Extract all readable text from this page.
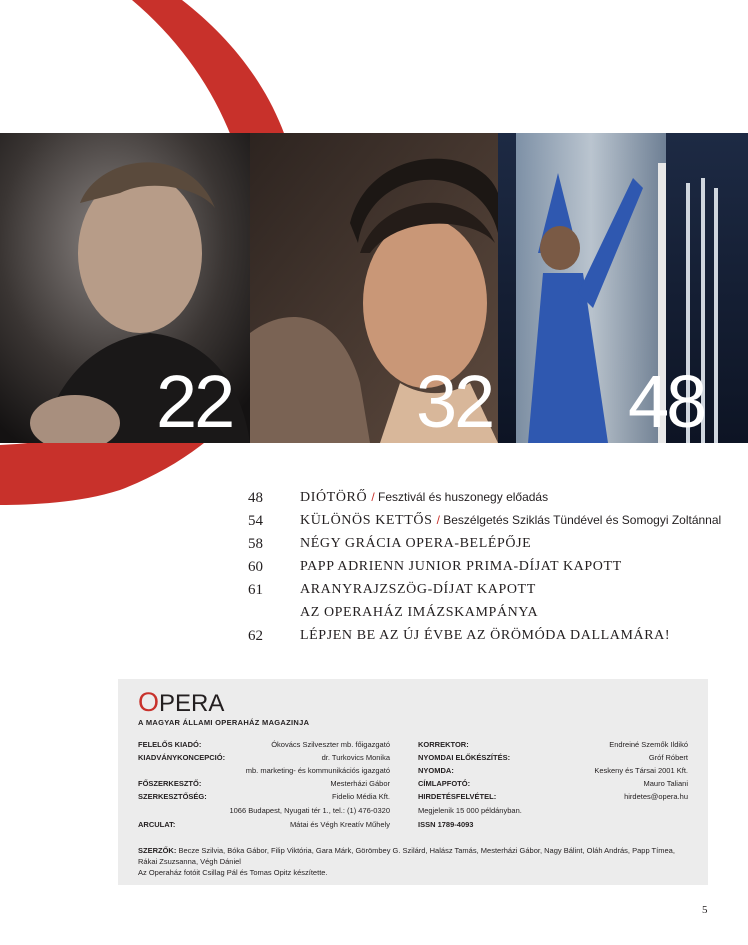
22 32 48
48	DIÓTÖRŐ / Fesztivál és huszonegy előadás
54	KÜLÖNÖS KETTŐS / Beszélgetés Sziklás Tündével és Somogyi Zoltánnal
58	NÉGY GRÁCIA OPERA-BELÉPŐJE
60	PAPP ADRIENN JUNIOR PRIMA-DÍJAT KAPOTT
61	ARANYRAJZSZÖG-DÍJAT KAPOTT
AZ OPERAHÁZ IMÁZSKAMPÁNYA
62	LÉPJEN BE AZ ÚJ ÉVBE AZ ÖRÖMÓDA DALLAMÁRA!
OPERA
A MAGYAR ÁLLAMI OPERAHÁZ MAGAZINJA
FELELŐS KIADÓ:	Ókovács Szilveszter mb. főigazgató
KIADVÁNYKONCEPCIÓ:	dr. Turkovics Monika
mb. marketing- és kommunikációs igazgató
FŐSZERKESZTŐ:	Mesterházi Gábor
SZERKESZTŐSÉG:	Fidelio Média Kft.
1066 Budapest, Nyugati tér 1., tel.: (1) 476-0320
ARCULAT:	Mátai és Végh Kreatív Műhely
KORREKTOR:	Endreiné Szemők Ildikó
NYOMDAI ELŐKÉSZÍTÉS:	Gróf Róbert
NYOMDA:	Keskeny és Társai 2001 Kft.
CÍMLAPFOTÓ:	Mauro Taliani
HIRDETÉSFELVÉTEL:	hirdetes@opera.hu
Megjelenik 15 000 példányban.
ISSN 1789-4093
SZERZŐK: Becze Szilvia, Bóka Gábor, Filip Viktória, Gara Márk, Görömbey G. Szilárd, Halász Tamás, Mesterházi Gábor, Nagy Bálint, Oláh András, Papp Tímea, Rákai Zsuzsanna, Végh Dániel
Az Operaház fotóit Csillag Pál és Tomas Opitz készítette.
5
